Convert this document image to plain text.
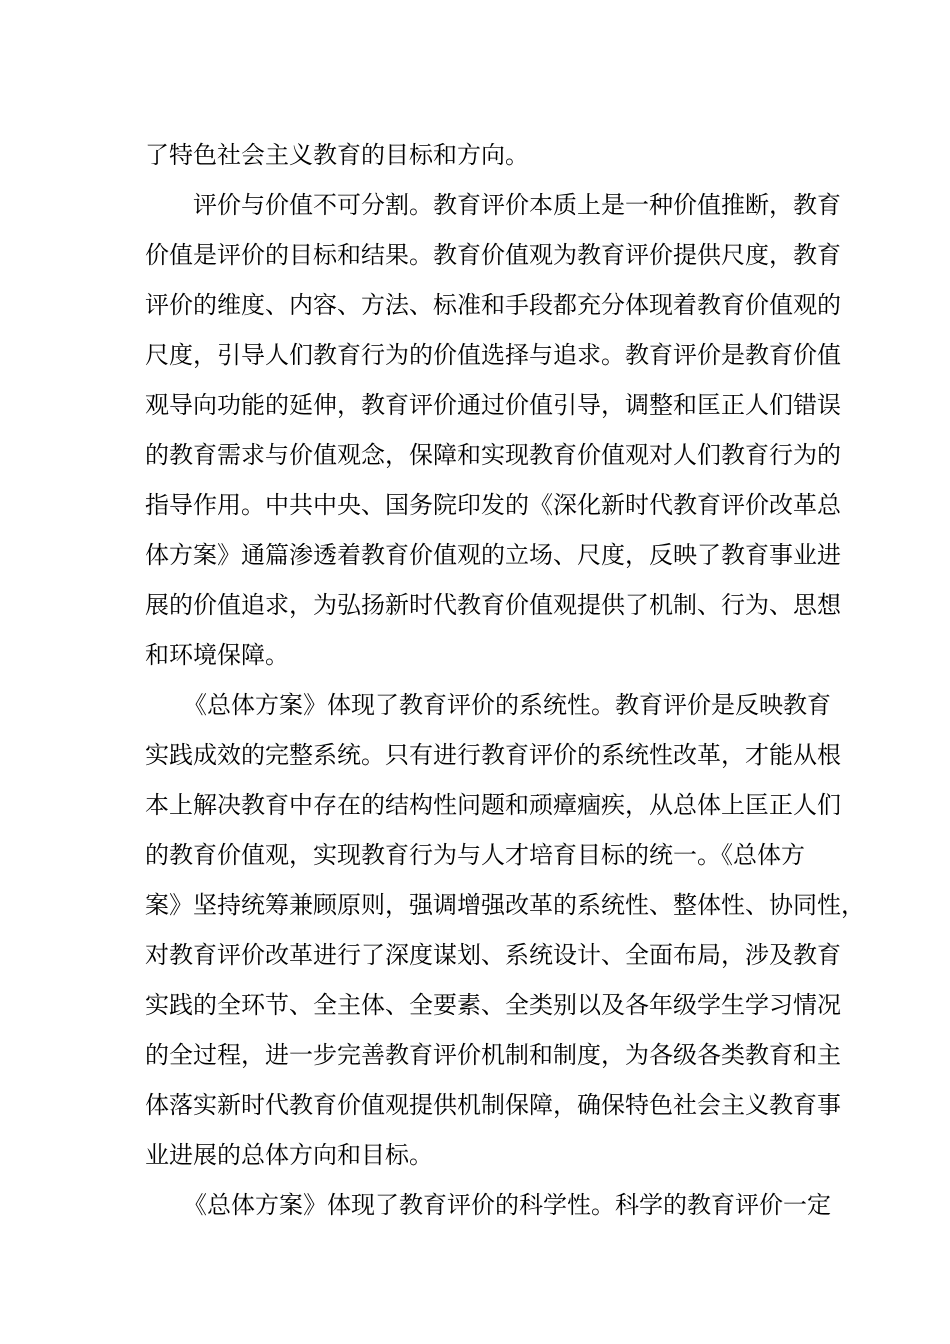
了特色社会主义教育的目标和方向。
评价与价值不可分割。教育评价本质上是一种价值推断，教育
价值是评价的目标和结果。教育价值观为教育评价提供尺度，教育
评价的维度、内容、方法、标准和手段都充分体现着教育价值观的
尺度，引导人们教育行为的价值选择与追求。教育评价是教育价值
观导向功能的延伸，教育评价通过价值引导，调整和匡正人们错误
的教育需求与价值观念，保障和实现教育价值观对人们教育行为的
指导作用。中共中央、国务院印发的《深化新时代教育评价改革总
体方案》通篇渗透着教育价值观的立场、尺度，反映了教育事业进
展的价值追求，为弘扬新时代教育价值观提供了机制、行为、思想
和环境保障。
《总体方案》体现了教育评价的系统性。教育评价是反映教育
实践成效的完整系统。只有进行教育评价的系统性改革，才能从根
本上解决教育中存在的结构性问题和顽瘴痼疾，从总体上匡正人们
的教育价值观，实现教育行为与人才培育目标的统一。《总体方
案》坚持统筹兼顾原则，强调增强改革的系统性、整体性、协同性，
对教育评价改革进行了深度谋划、系统设计、全面布局，涉及教育
实践的全环节、全主体、全要素、全类别以及各年级学生学习情况
的全过程，进一步完善教育评价机制和制度，为各级各类教育和主
体落实新时代教育价值观提供机制保障，确保特色社会主义教育事
业进展的总体方向和目标。
《总体方案》体现了教育评价的科学性。科学的教育评价一定
